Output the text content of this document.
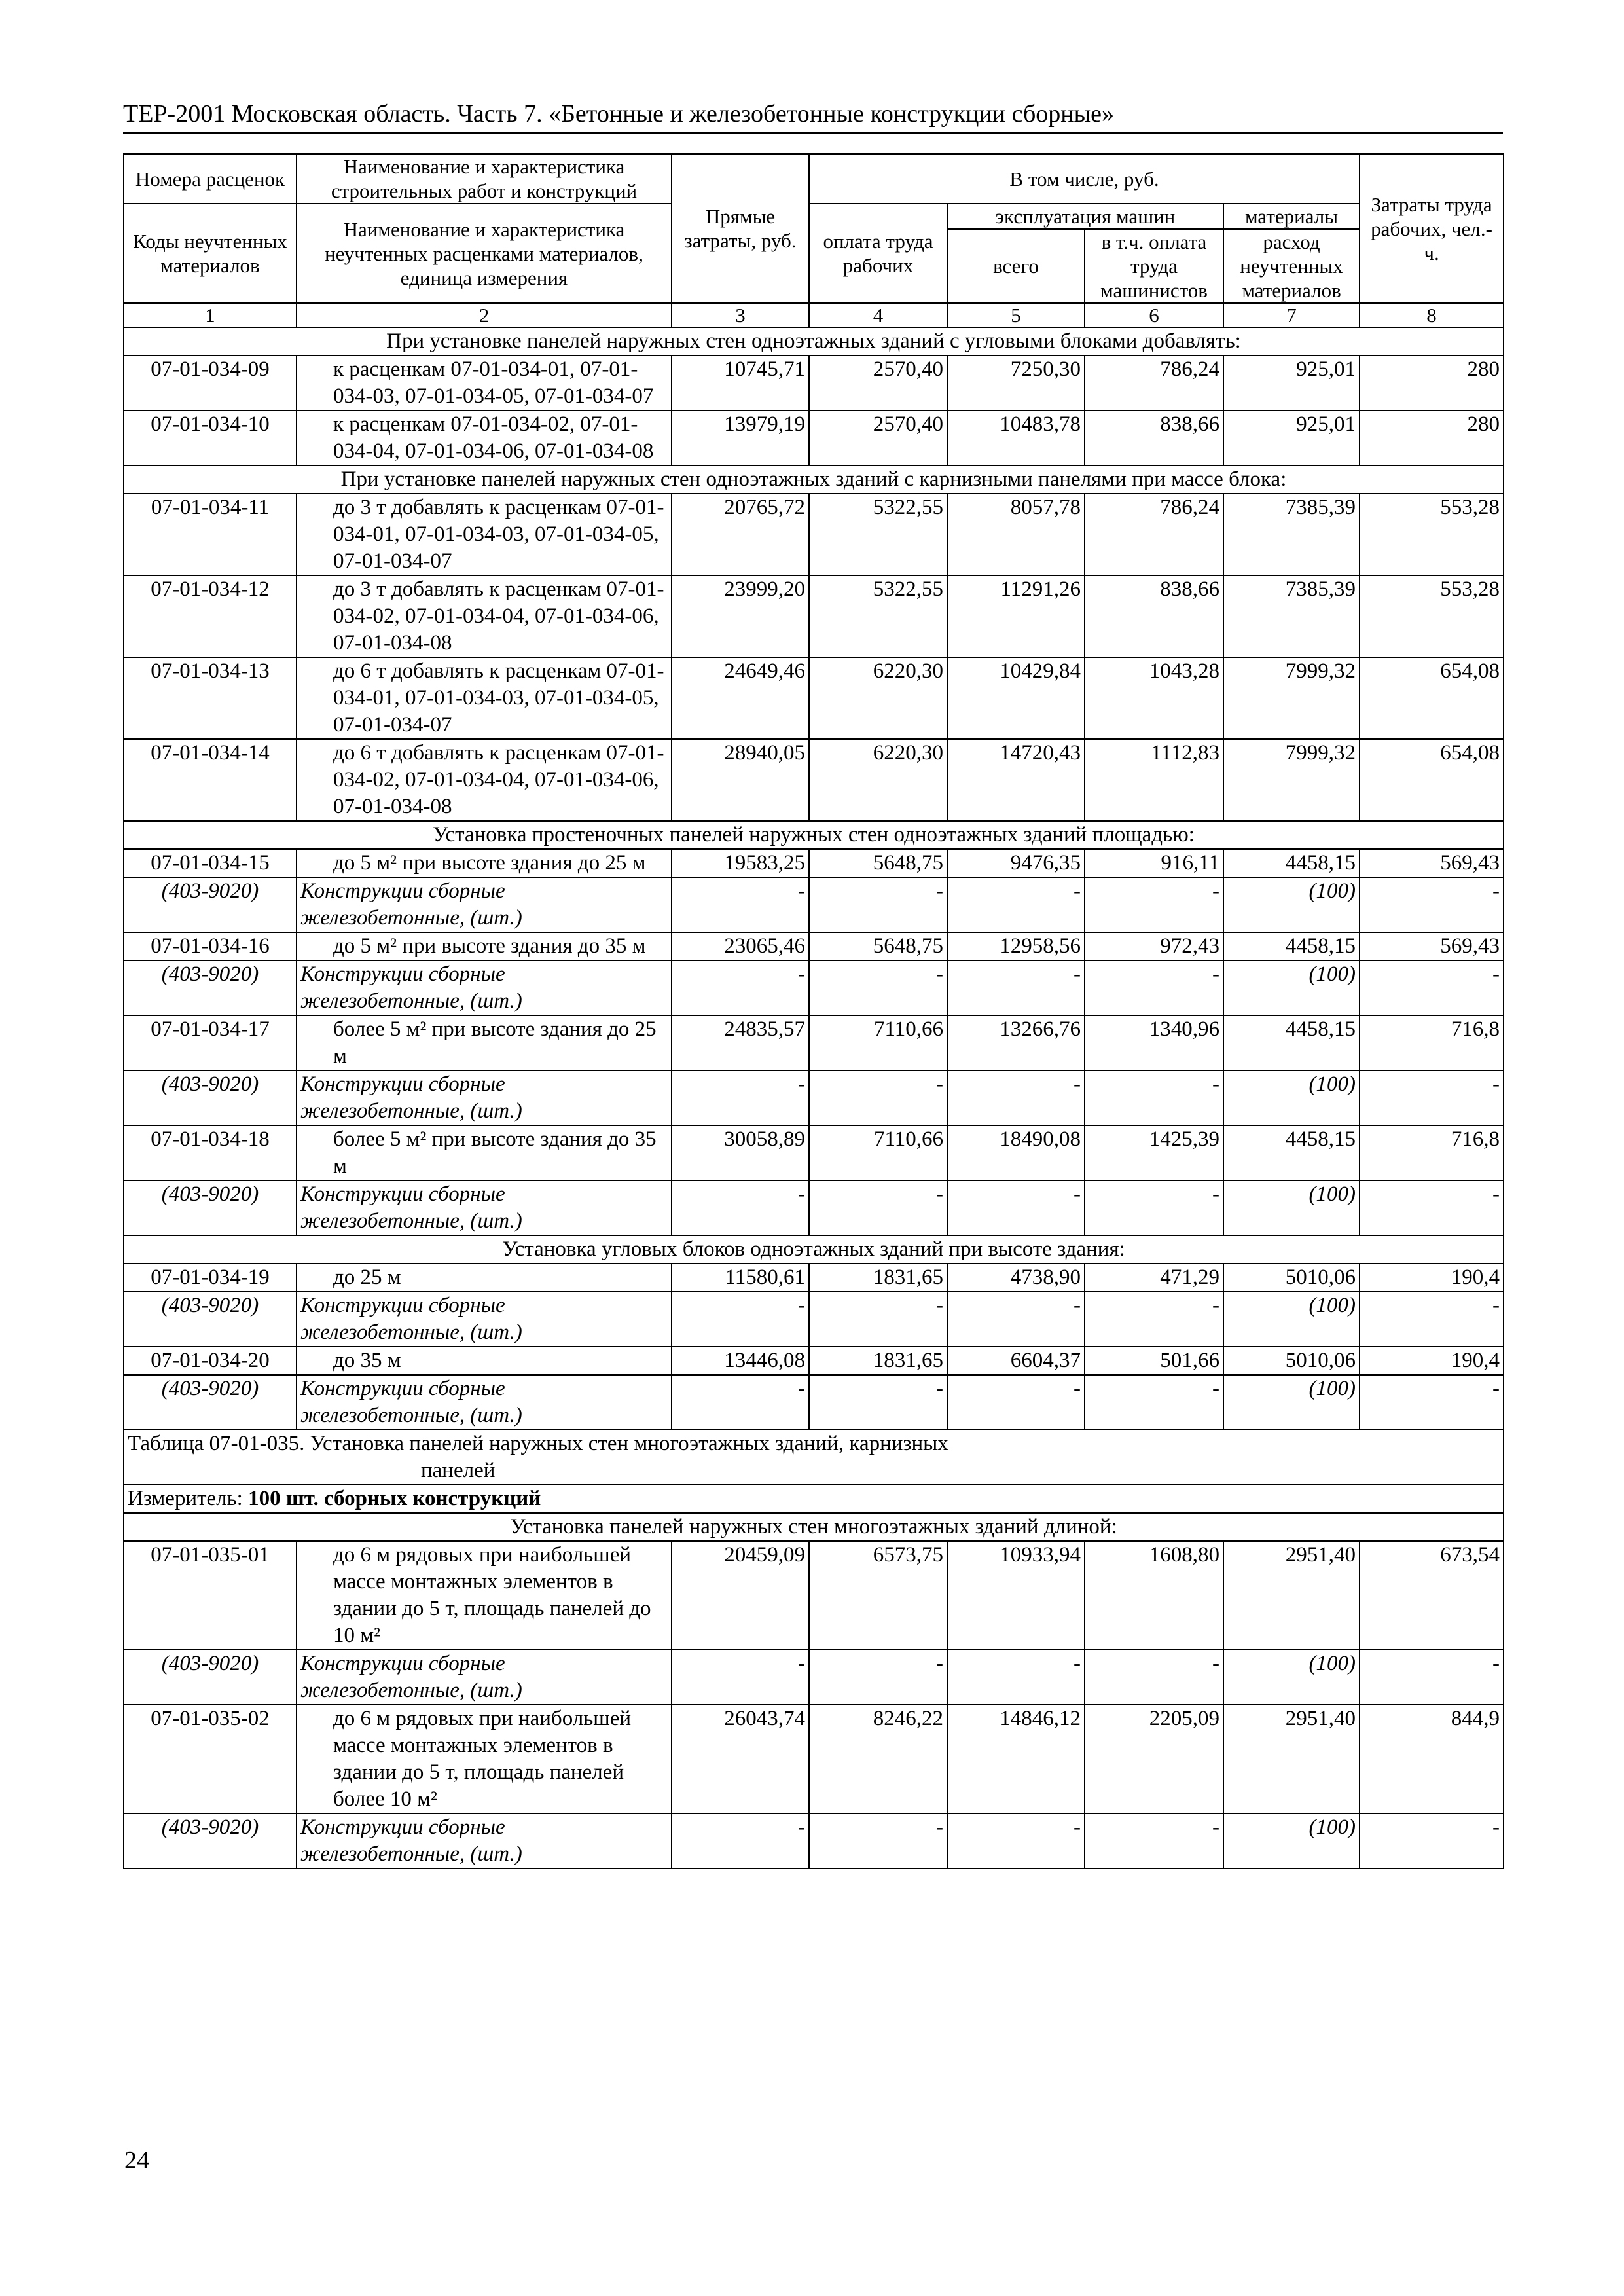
ТЕР-2001 Московская область. Часть 7. «Бетонные и железобетонные конструкции сборные»
Номера расценок	Наименование и характеристика строительных работ и конструкций	Прямые затраты, руб.	В том числе, руб.				Затраты труда рабочих, чел.-ч.
Коды неучтенных материалов	Наименование и характеристика неучтенных расценками материалов, единица измерения		оплата труда рабочих	эксплуатация машин		материалы	
				всего	в т.ч. оплата труда машинистов	расход неучтенных материалов	
1	2	3	4	5	6	7	8
При установке панелей наружных стен одноэтажных зданий с угловыми блоками добавлять:							
07-01-034-09	к расценкам 07-01-034-01, 07-01-034-03, 07-01-034-05, 07-01-034-07	10745,71	2570,40	7250,30	786,24	925,01	280
07-01-034-10	к расценкам 07-01-034-02, 07-01-034-04, 07-01-034-06, 07-01-034-08	13979,19	2570,40	10483,78	838,66	925,01	280
При установке панелей наружных стен одноэтажных зданий с карнизными панелями при массе блока:							
07-01-034-11	до 3 т добавлять к расценкам 07-01-034-01, 07-01-034-03, 07-01-034-05, 07-01-034-07	20765,72	5322,55	8057,78	786,24	7385,39	553,28
07-01-034-12	до 3 т добавлять к расценкам 07-01-034-02, 07-01-034-04, 07-01-034-06, 07-01-034-08	23999,20	5322,55	11291,26	838,66	7385,39	553,28
07-01-034-13	до 6 т добавлять к расценкам 07-01-034-01, 07-01-034-03, 07-01-034-05, 07-01-034-07	24649,46	6220,30	10429,84	1043,28	7999,32	654,08
07-01-034-14	до 6 т добавлять к расценкам 07-01-034-02, 07-01-034-04, 07-01-034-06, 07-01-034-08	28940,05	6220,30	14720,43	1112,83	7999,32	654,08
Установка простеночных панелей наружных стен одноэтажных зданий площадью:							
07-01-034-15	до 5 м² при высоте здания до 25 м	19583,25	5648,75	9476,35	916,11	4458,15	569,43
(403-9020)	Конструкции сборные железобетонные, (шт.)	-	-	-	-	(100)	-
07-01-034-16	до 5 м² при высоте здания до 35 м	23065,46	5648,75	12958,56	972,43	4458,15	569,43
(403-9020)	Конструкции сборные железобетонные, (шт.)	-	-	-	-	(100)	-
07-01-034-17	более 5 м² при высоте здания до 25 м	24835,57	7110,66	13266,76	1340,96	4458,15	716,8
(403-9020)	Конструкции сборные железобетонные, (шт.)	-	-	-	-	(100)	-
07-01-034-18	более 5 м² при высоте здания до 35 м	30058,89	7110,66	18490,08	1425,39	4458,15	716,8
(403-9020)	Конструкции сборные железобетонные, (шт.)	-	-	-	-	(100)	-
Установка угловых блоков одноэтажных зданий при высоте здания:							
07-01-034-19	до 25 м	11580,61	1831,65	4738,90	471,29	5010,06	190,4
(403-9020)	Конструкции сборные железобетонные, (шт.)	-	-	-	-	(100)	-
07-01-034-20	до 35 м	13446,08	1831,65	6604,37	501,66	5010,06	190,4
(403-9020)	Конструкции сборные железобетонные, (шт.)	-	-	-	-	(100)	-
Таблица 07-01-035. Установка панелей наружных стен многоэтажных зданий, карнизных
панелей							

Измеритель: 100 шт. сборных конструкций							
Установка панелей наружных стен многоэтажных зданий длиной:							
07-01-035-01	до 6 м рядовых при наибольшей массе монтажных элементов в здании до 5 т, площадь панелей до 10 м²	20459,09	6573,75	10933,94	1608,80	2951,40	673,54
(403-9020)	Конструкции сборные железобетонные, (шт.)	-	-	-	-	(100)	-
07-01-035-02	до 6 м рядовых при наибольшей массе монтажных элементов в здании до 5 т, площадь панелей более 10 м²	26043,74	8246,22	14846,12	2205,09	2951,40	844,9
(403-9020)	Конструкции сборные железобетонные, (шт.)	-	-	-	-	(100)	-
24
